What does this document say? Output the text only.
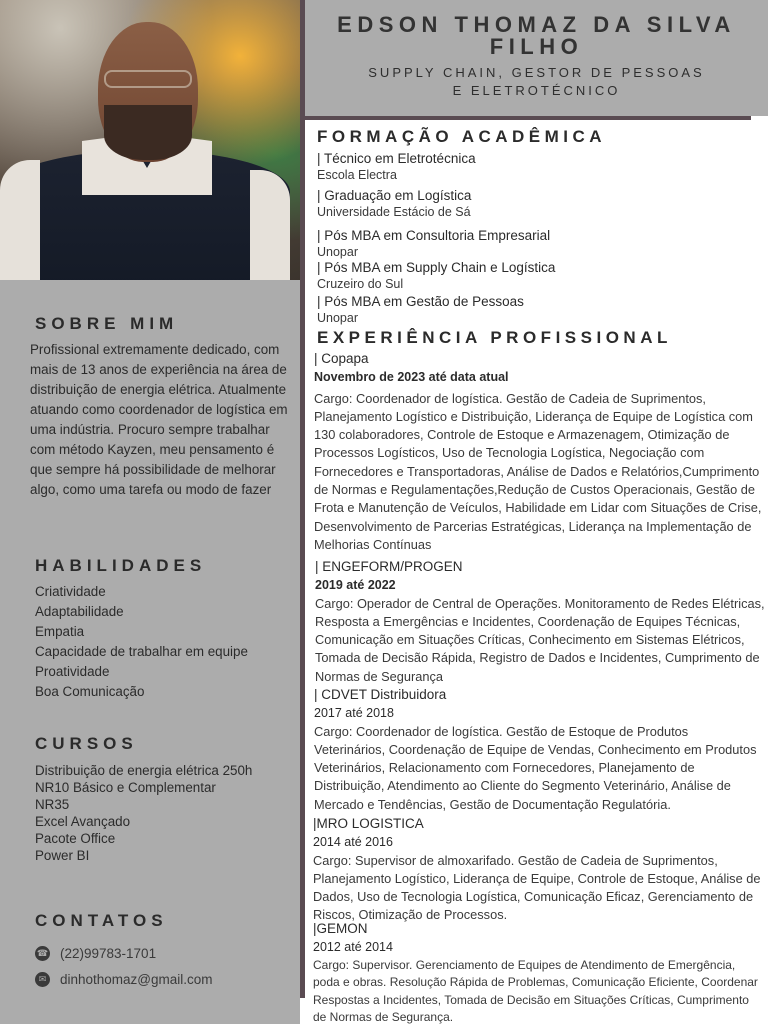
SOBRE MIM

Profissional extremamente dedicado, com mais de 13 anos de experiência na área de distribuição de energia elétrica. Atualmente atuando como coordenador de logística em uma indústria. Procuro sempre trabalhar com método Kayzen, meu pensamento é que sempre há possibilidade de melhorar algo, como uma tarefa ou modo de fazer

HABILIDADES
Criatividade
Adaptabilidade
Empatia
Capacidade de trabalhar em equipe
Proatividade
Boa Comunicação
CURSOS
Distribuição de energia elétrica 250h
NR10 Básico e Complementar
NR35
Excel Avançado
Pacote Office
Power BI
CONTATOS
☎ (22)99783-1701
✉ dinhothomaz@gmail.com
EDSON THOMAZ DA SILVA
FILHO
SUPPLY CHAIN, GESTOR DE PESSOAS
E ELETROTÉCNICO
FORMAÇÃO ACADÊMICA
| Técnico em Eletrotécnica
Escola Electra
| Graduação em Logística
Universidade Estácio de Sá
| Pós MBA em Consultoria Empresarial
Unopar
| Pós MBA em Supply Chain e Logística
Cruzeiro do Sul
| Pós MBA em Gestão de Pessoas
Unopar
EXPERIÊNCIA PROFISSIONAL
| Copapa
Novembro de 2023 até data atual
Cargo: Coordenador de logística. Gestão de Cadeia de Suprimentos, Planejamento Logístico e Distribuição, Liderança de Equipe de Logística com 130 colaboradores, Controle de Estoque e Armazenagem, Otimização de Processos Logísticos, Uso de Tecnologia Logística, Negociação com Fornecedores e Transportadoras, Análise de Dados e Relatórios,Cumprimento de Normas e Regulamentações,Redução de Custos Operacionais, Gestão de Frota e Manutenção de Veículos, Habilidade em Lidar com Situações de Crise, Desenvolvimento de Parcerias Estratégicas, Liderança na Implementação de Melhorias Contínuas
| ENGEFORM/PROGEN
2019 até 2022
Cargo: Operador de Central de Operações. Monitoramento de Redes Elétricas, Resposta a Emergências e Incidentes, Coordenação de Equipes Técnicas, Comunicação em Situações Críticas, Conhecimento em Sistemas Elétricos, Tomada de Decisão Rápida, Registro de Dados e Incidentes, Cumprimento de Normas de Segurança
| CDVET Distribuidora
2017 até 2018
Cargo: Coordenador de logística. Gestão de Estoque de Produtos Veterinários, Coordenação de Equipe de Vendas, Conhecimento em Produtos Veterinários, Relacionamento com Fornecedores, Planejamento de Distribuição, Atendimento ao Cliente do Segmento Veterinário, Análise de Mercado e Tendências, Gestão de Documentação Regulatória.
|MRO LOGISTICA
2014 até 2016
Cargo: Supervisor de almoxarifado. Gestão de Cadeia de Suprimentos, Planejamento Logístico, Liderança de Equipe, Controle de Estoque, Análise de Dados, Uso de Tecnologia Logística, Comunicação Eficaz, Gerenciamento de Riscos, Otimização de Processos.
|GEMON
2012 até 2014
Cargo: Supervisor. Gerenciamento de Equipes de Atendimento de Emergência, poda e obras. Resolução Rápida de Problemas, Comunicação Eficiente, Coordenar Respostas a Incidentes, Tomada de Decisão em Situações Críticas, Cumprimento de Normas de Segurança.
